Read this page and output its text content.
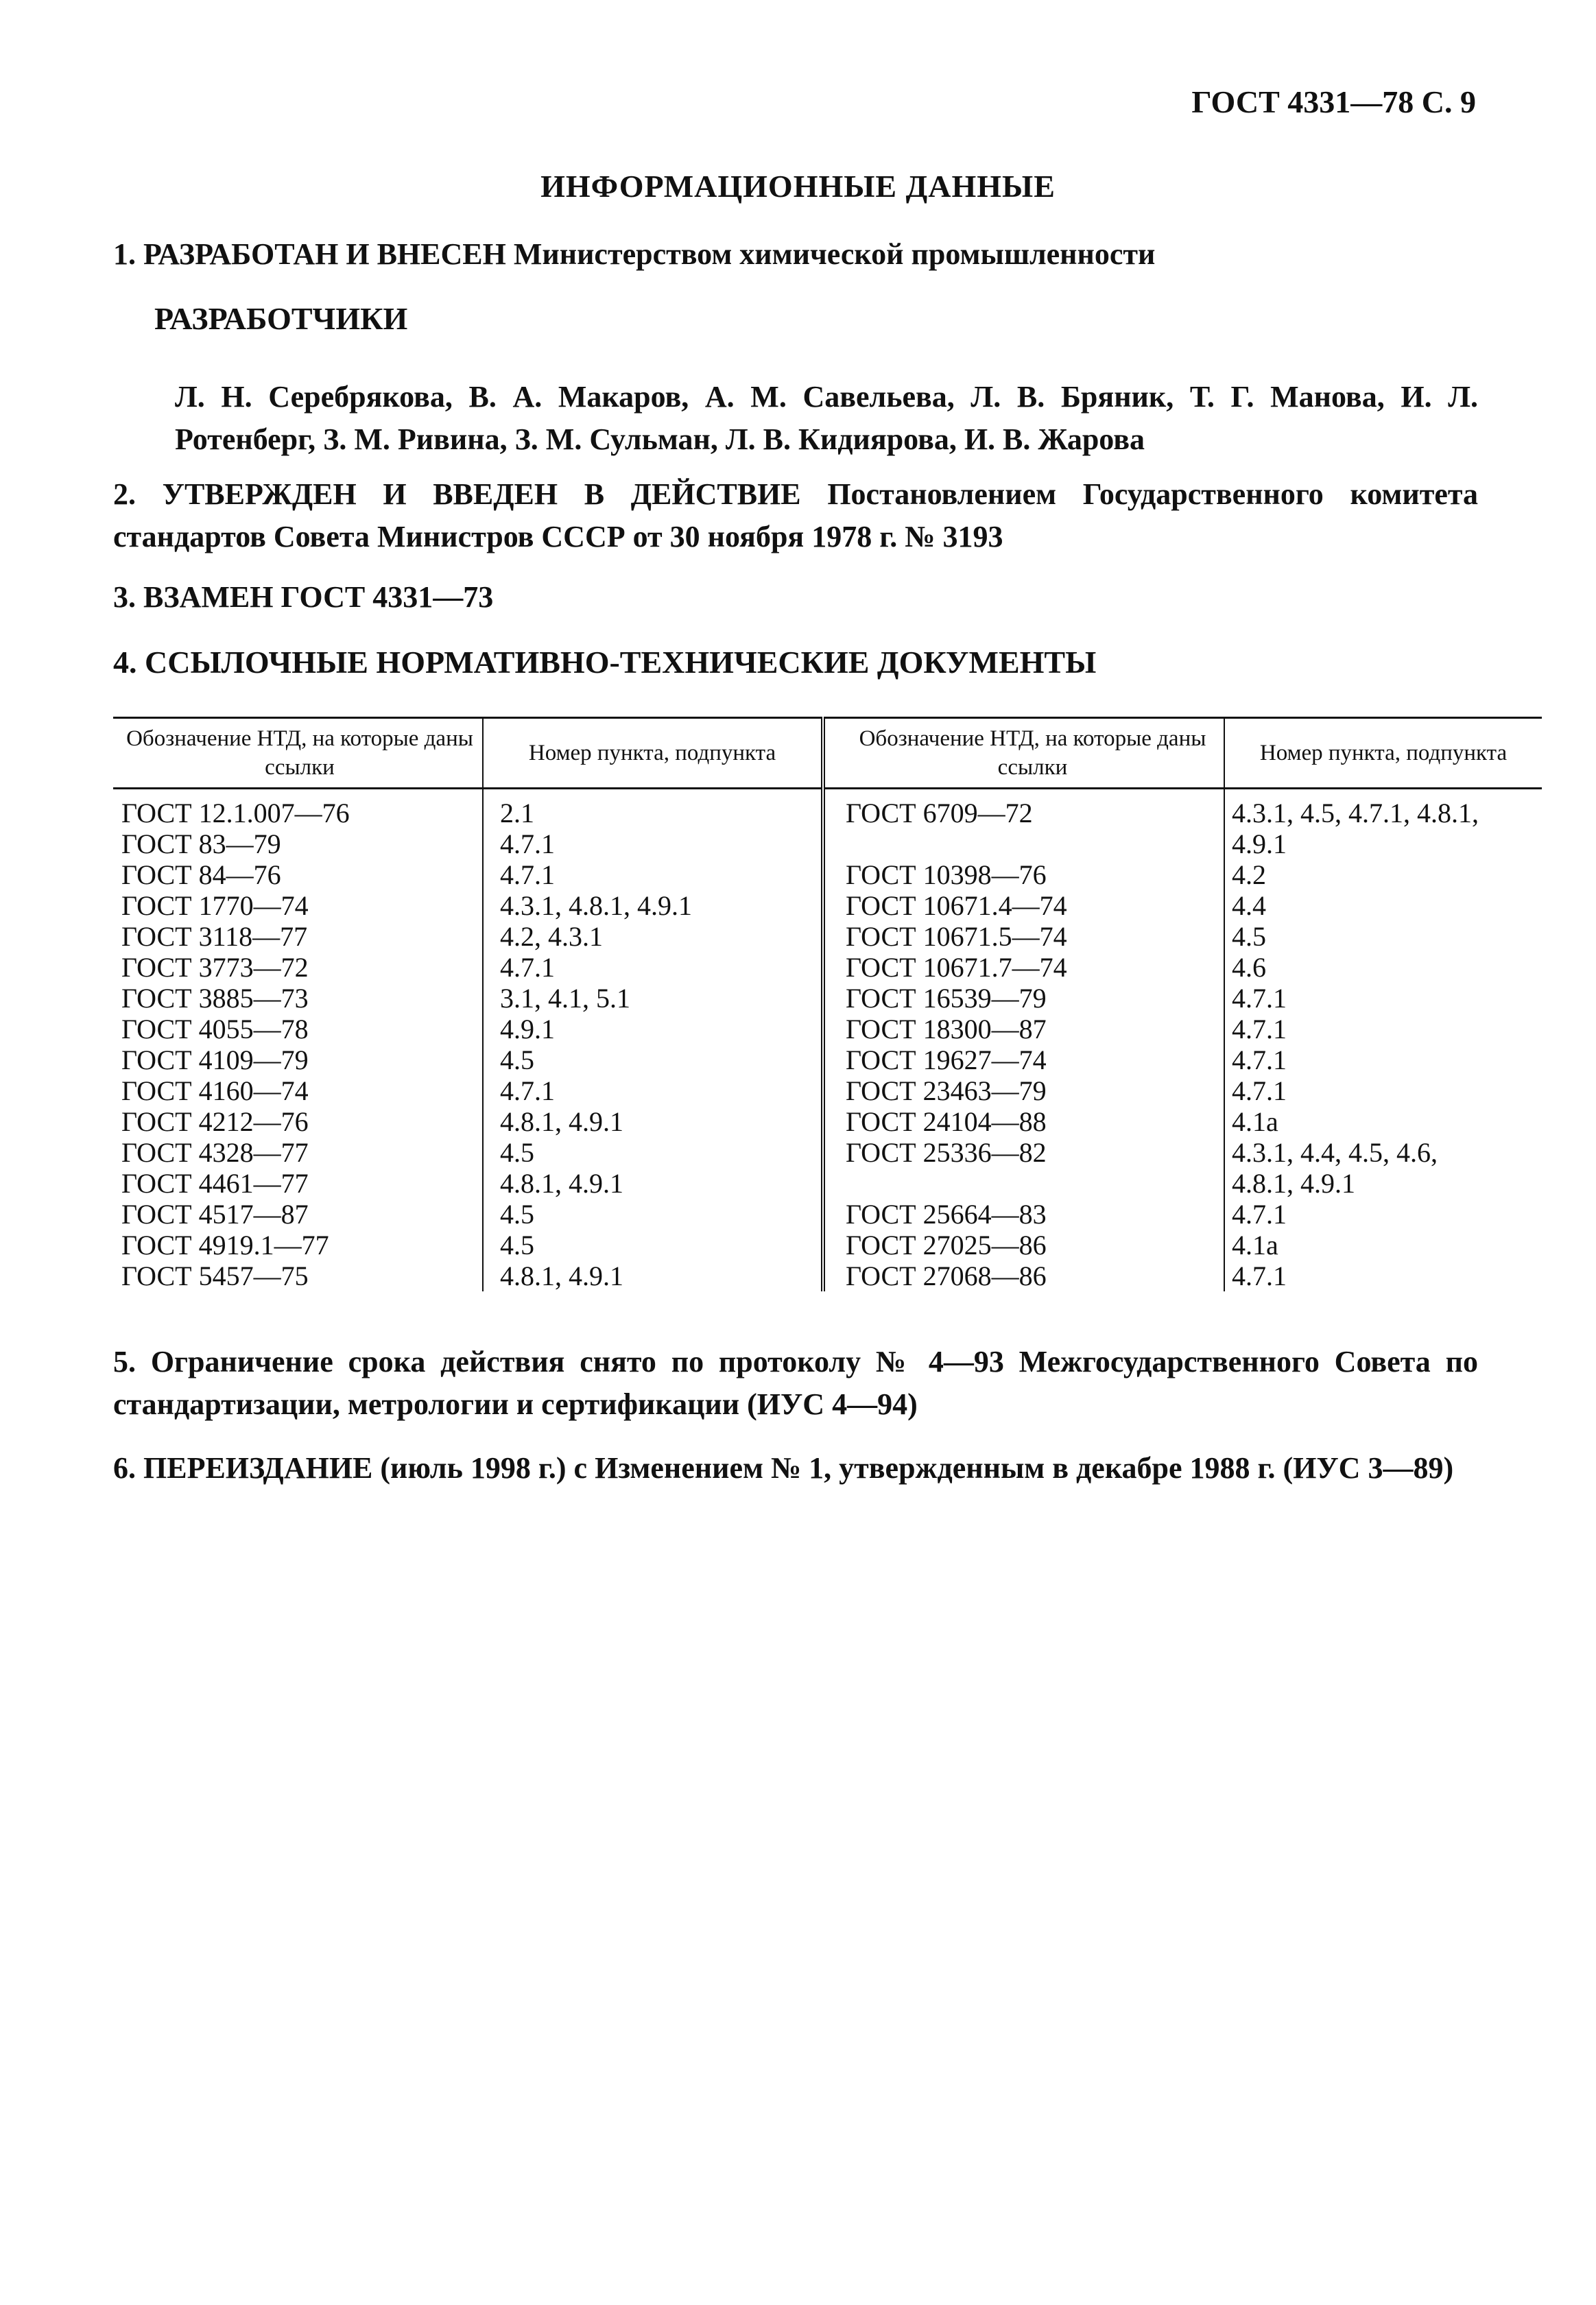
ГОСТ 4331—78 С. 9
ИНФОРМАЦИОННЫЕ ДАННЫЕ
1. РАЗРАБОТАН И ВНЕСЕН Министерством химической промышленности
РАЗРАБОТЧИКИ
Л. Н. Серебрякова, В. А. Макаров, А. М. Савельева, Л. В. Бряник, Т. Г. Манова, И. Л. Ротенберг, З. М. Ривина, З. М. Сульман, Л. В. Кидиярова, И. В. Жарова
2. УТВЕРЖДЕН И ВВЕДЕН В ДЕЙСТВИЕ Постановлением Государственного комитета стандартов Совета Министров СССР от 30 ноября 1978 г. № 3193
3. ВЗАМЕН ГОСТ 4331—73
4. ССЫЛОЧНЫЕ НОРМАТИВНО-ТЕХНИЧЕСКИЕ ДОКУМЕНТЫ
Обозначение НТД, на которые даны ссылки	Номер пункта, подпункта	Обозначение НТД, на которые даны ссылки	Номер пункта, подпункта
ГОСТ 12.1.007—76	2.1	ГОСТ 6709—72	4.3.1, 4.5, 4.7.1, 4.8.1,
ГОСТ 83—79	4.7.1		4.9.1
ГОСТ 84—76	4.7.1	ГОСТ 10398—76	4.2
ГОСТ 1770—74	4.3.1, 4.8.1, 4.9.1	ГОСТ 10671.4—74	4.4
ГОСТ 3118—77	4.2, 4.3.1	ГОСТ 10671.5—74	4.5
ГОСТ 3773—72	4.7.1	ГОСТ 10671.7—74	4.6
ГОСТ 3885—73	3.1, 4.1, 5.1	ГОСТ 16539—79	4.7.1
ГОСТ 4055—78	4.9.1	ГОСТ 18300—87	4.7.1
ГОСТ 4109—79	4.5	ГОСТ 19627—74	4.7.1
ГОСТ 4160—74	4.7.1	ГОСТ 23463—79	4.7.1
ГОСТ 4212—76	4.8.1, 4.9.1	ГОСТ 24104—88	4.1а
ГОСТ 4328—77	4.5	ГОСТ 25336—82	4.3.1, 4.4, 4.5, 4.6,
ГОСТ 4461—77	4.8.1, 4.9.1		4.8.1, 4.9.1
ГОСТ 4517—87	4.5	ГОСТ 25664—83	4.7.1
ГОСТ 4919.1—77	4.5	ГОСТ 27025—86	4.1а
ГОСТ 5457—75	4.8.1, 4.9.1	ГОСТ 27068—86	4.7.1
5. Ограничение срока действия снято по протоколу № 4—93 Межгосударственного Совета по стандартизации, метрологии и сертификации (ИУС 4—94)
6. ПЕРЕИЗДАНИЕ (июль 1998 г.) с Изменением № 1, утвержденным в декабре 1988 г. (ИУС 3—89)
